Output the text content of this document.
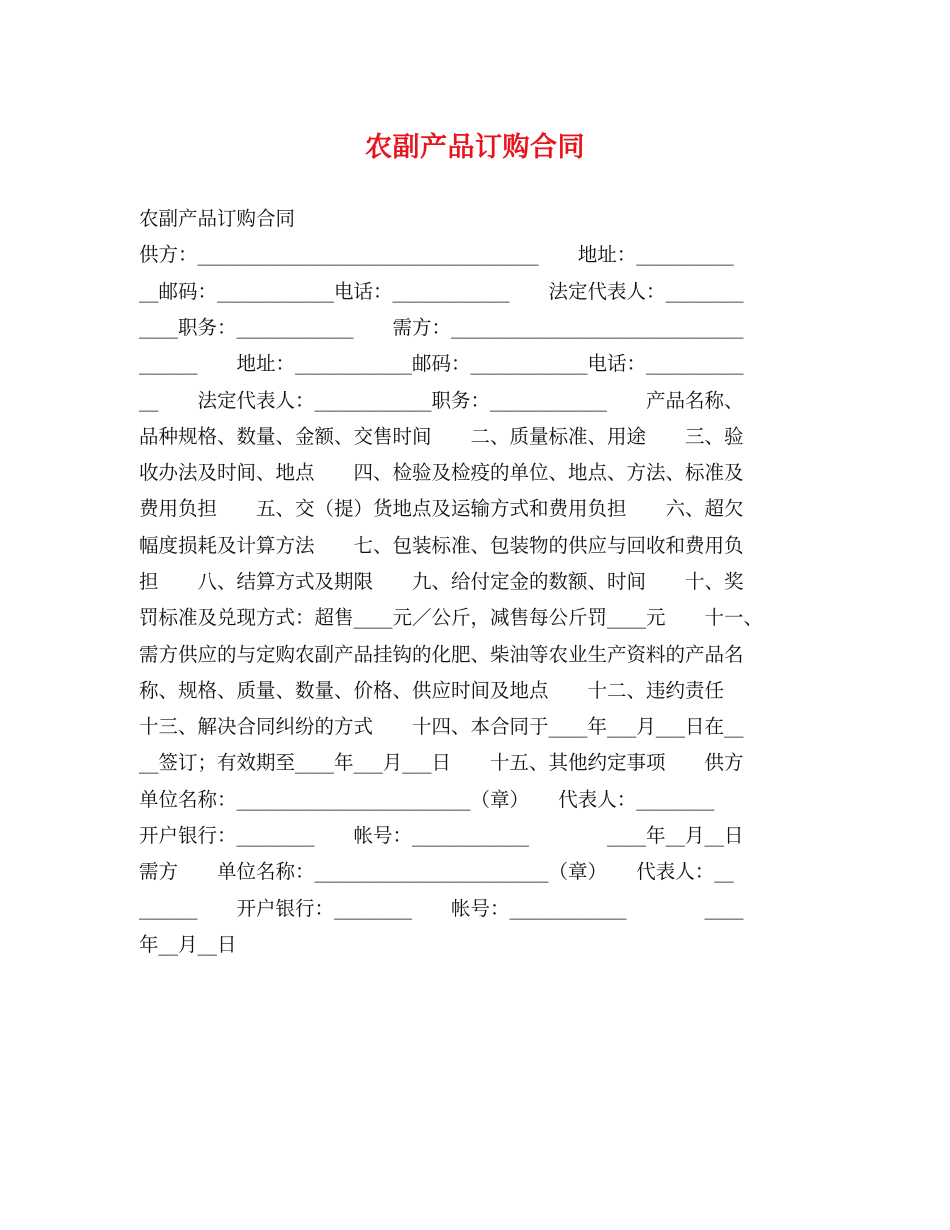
农副产品订购合同

农副产品订购合同

供方：___________________________________　　地址：__________

__邮码：____________电话：____________　　法定代表人：________

____职务：____________　　需方：______________________________

______　　地址：____________邮码：____________电话：__________

__　　法定代表人：____________职务：____________　　产品名称、

品种规格、数量、金额、交售时间　　二、质量标准、用途　　三、验

收办法及时间、地点　　四、检验及检疫的单位、地点、方法、标准及

费用负担　　五、交（提）货地点及运输方式和费用负担　　六、超欠

幅度损耗及计算方法　　七、包装标准、包装物的供应与回收和费用负

担　　八、结算方式及期限　　九、给付定金的数额、时间　　十、奖

罚标准及兑现方式：超售____元／公斤，减售每公斤罚____元　　十一、

需方供应的与定购农副产品挂钩的化肥、柴油等农业生产资料的产品名

称、规格、质量、数量、价格、供应时间及地点　　十二、违约责任

十三、解决合同纠纷的方式　　十四、本合同于____年___月___日在__

__签订；有效期至____年___月___日　　十五、其他约定事项　　供方

单位名称：________________________（章）　　代表人：________

开户银行：________　　帐号：____________　　　　____年__月__日

需方　　单位名称：________________________（章）　　代表人：__

______　　开户银行：________　　帐号：____________　　　　____

年__月__日
